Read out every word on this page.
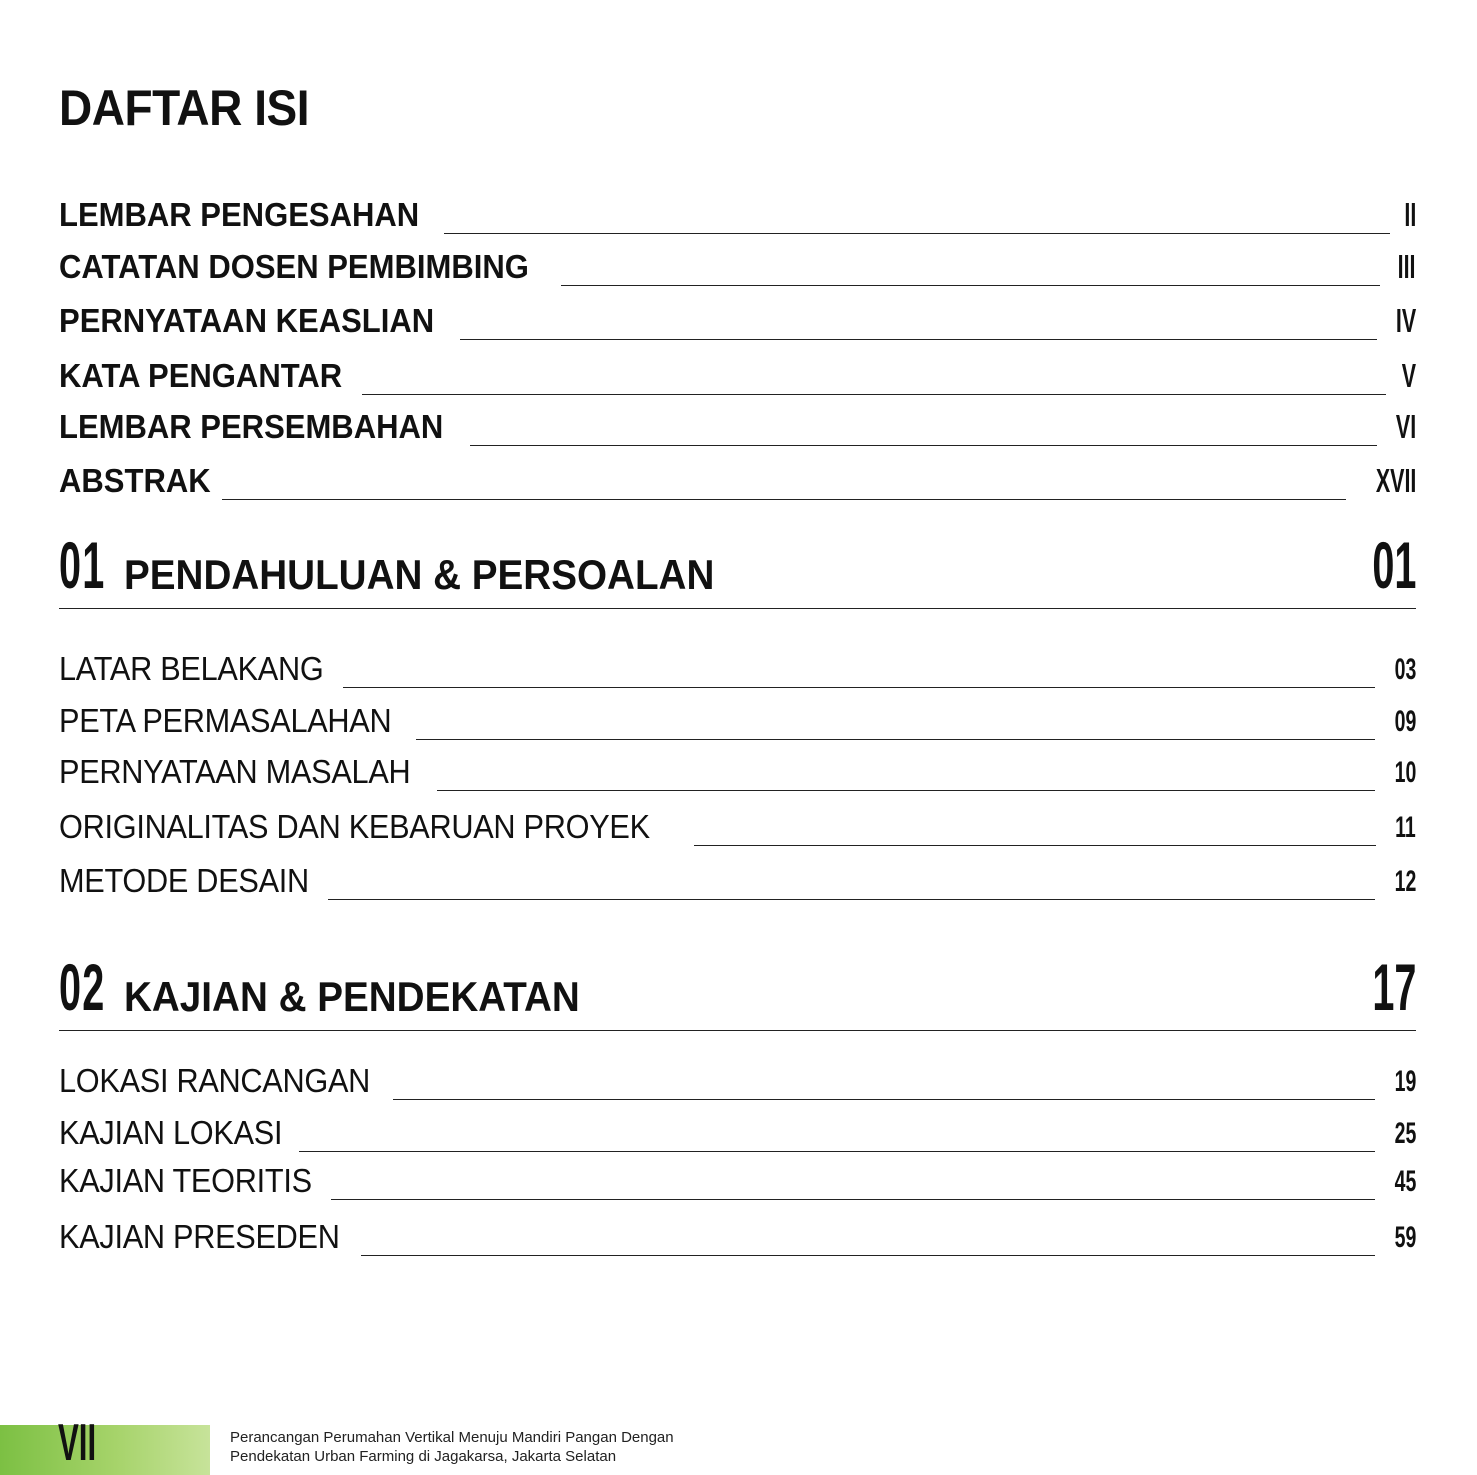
DAFTAR ISI
LEMBAR PENGESAHAN	II
CATATAN DOSEN PEMBIMBING	III
PERNYATAAN KEASLIAN	IV
KATA PENGANTAR	V
LEMBAR PERSEMBAHAN	VI
ABSTRAK	XVII
01 PENDAHULUAN & PERSOALAN	01
LATAR BELAKANG	03
PETA PERMASALAHAN	09
PERNYATAAN MASALAH	10
ORIGINALITAS DAN KEBARUAN PROYEK	11
METODE DESAIN	12
02 KAJIAN & PENDEKATAN	17
LOKASI RANCANGAN	19
KAJIAN LOKASI	25
KAJIAN TEORITIS	45
KAJIAN PRESEDEN	59
VII	Perancangan Perumahan Vertikal Menuju Mandiri Pangan Dengan
Pendekatan Urban Farming di Jagakarsa, Jakarta Selatan
